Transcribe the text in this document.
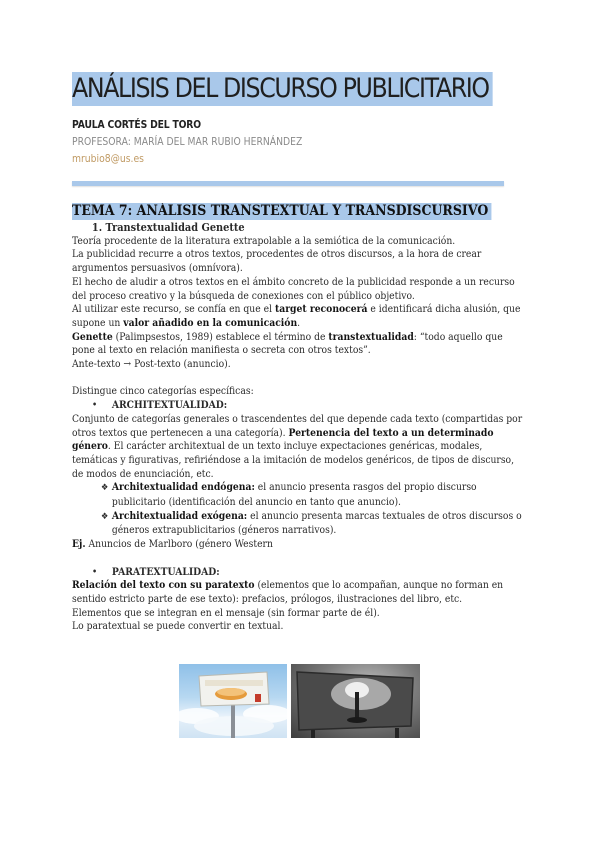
ANÁLISIS DEL DISCURSO PUBLICITARIO
PAULA CORTÉS DEL TORO
PROFESORA: MARÍA DEL MAR RUBIO HERNÁNDEZ
mrubio8@us.es
TEMA 7: ANÁLISIS TRANSTEXTUAL Y TRANSDISCURSIVO

1. Transtextualidad Genette

Teoría procedente de la literatura extrapolable a la semiótica de la comunicación.

La publicidad recurre a otros textos, procedentes de otros discursos, a la hora de crear argumentos persuasivos (omnívora).

El hecho de aludir a otros textos en el ámbito concreto de la publicidad responde a un recurso del proceso creativo y la búsqueda de conexiones con el público objetivo.

Al utilizar este recurso, se confía en que el target reconocerá e identificará dicha alusión, que supone un valor añadido en la comunicación.

Genette (Palimpsestos, 1989) establece el término de transtextualidad: “todo aquello que pone al texto en relación manifiesta o secreta con otros textos”.

Ante-texto → Post-texto (anuncio).

Distingue cinco categorías específicas:

• ARCHITEXTUALIDAD:

Conjunto de categorías generales o trascendentes del que depende cada texto (compartidas por otros textos que pertenecen a una categoría). Pertenencia del texto a un determinado género. El carácter architextual de un texto incluye expectaciones genéricas, modales, temáticas y figurativas, refiriéndose a la imitación de modelos genéricos, de tipos de discurso, de modos de enunciación, etc.

❖ Architextualidad endógena: el anuncio presenta rasgos del propio discurso publicitario (identificación del anuncio en tanto que anuncio).

❖ Architextualidad exógena: el anuncio presenta marcas textuales de otros discursos o géneros extrapublicitarios (géneros narrativos).

Ej. Anuncios de Marlboro (género Western

• PARATEXTUALIDAD:

Relación del texto con su paratexto (elementos que lo acompañan, aunque no forman en sentido estricto parte de ese texto): prefacios, prólogos, ilustraciones del libro, etc.

Elementos que se integran en el mensaje (sin formar parte de él).

Lo paratextual se puede convertir en textual.
